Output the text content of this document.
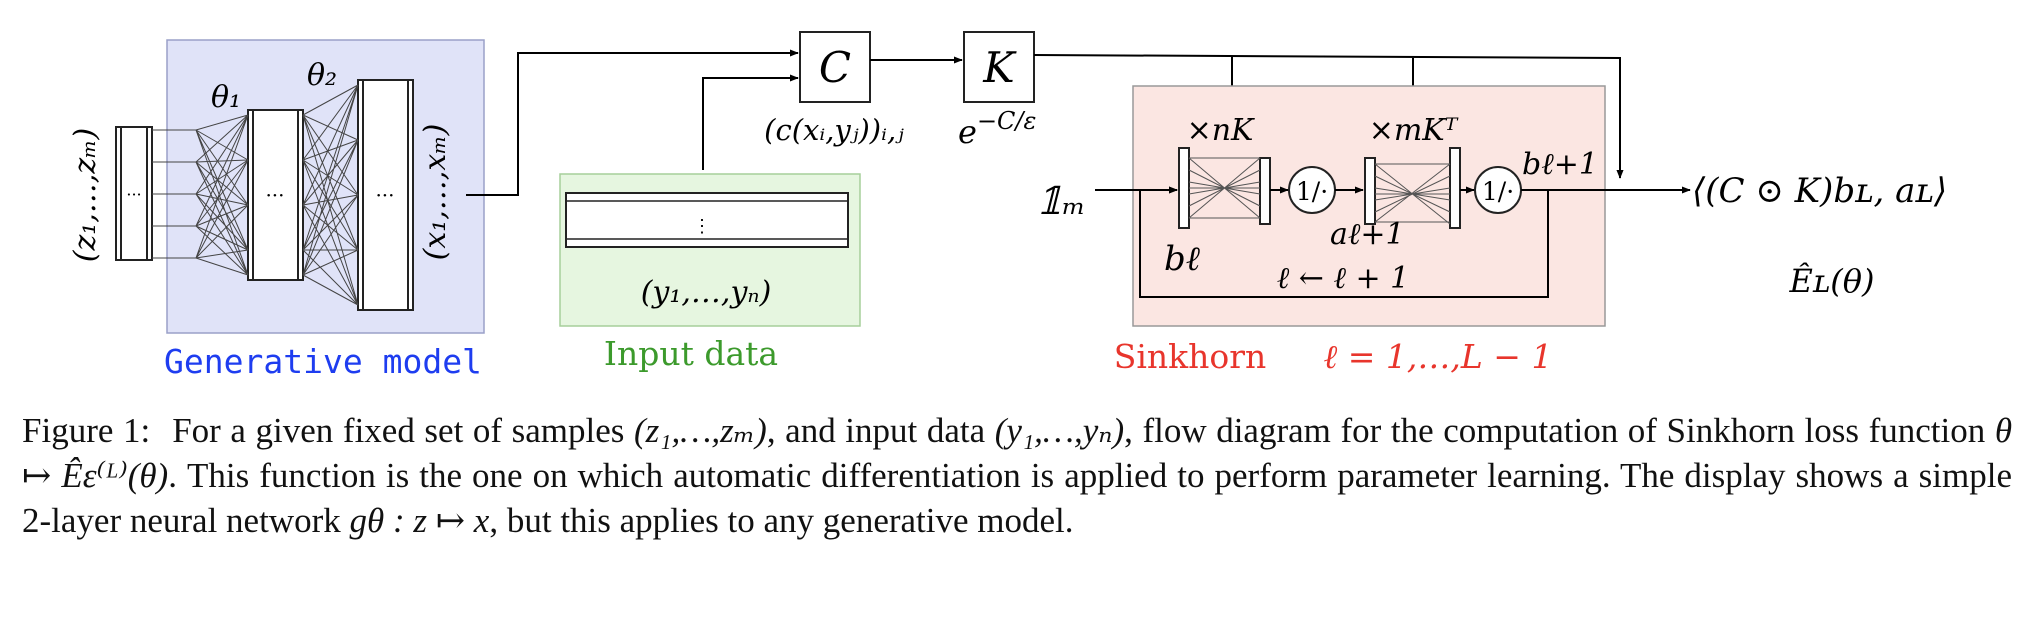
···	···	···
θ₁
θ₂
(z₁,…,zₘ)	(x₁,…,xₘ)
Generative model
⋮
(y₁,…,yₙ)
Input data
C
(c(xᵢ,yⱼ))ᵢ,ⱼ
K
$e^{-C/\varepsilon}$	×nK	×mKᵀ
1/·	1/·
𝟙ₘ
bℓ
aℓ+1
bℓ+1
ℓ ← ℓ + 1
Sinkhorn ℓ = 1,…,L − 1
⟨(C ⊙ K)bʟ, aʟ⟩
Êʟ(θ)
Figure 1: For a given fixed set of samples (z₁,…,zₘ), and input data (y₁,…,yₙ), flow diagram for the computation of Sinkhorn loss function θ ↦ Êε⁽ᴸ⁾(θ). This function is the one on which automatic differentiation is applied to perform parameter learning. The display shows a simple 2-layer neural network gθ : z ↦ x, but this applies to any generative model.
